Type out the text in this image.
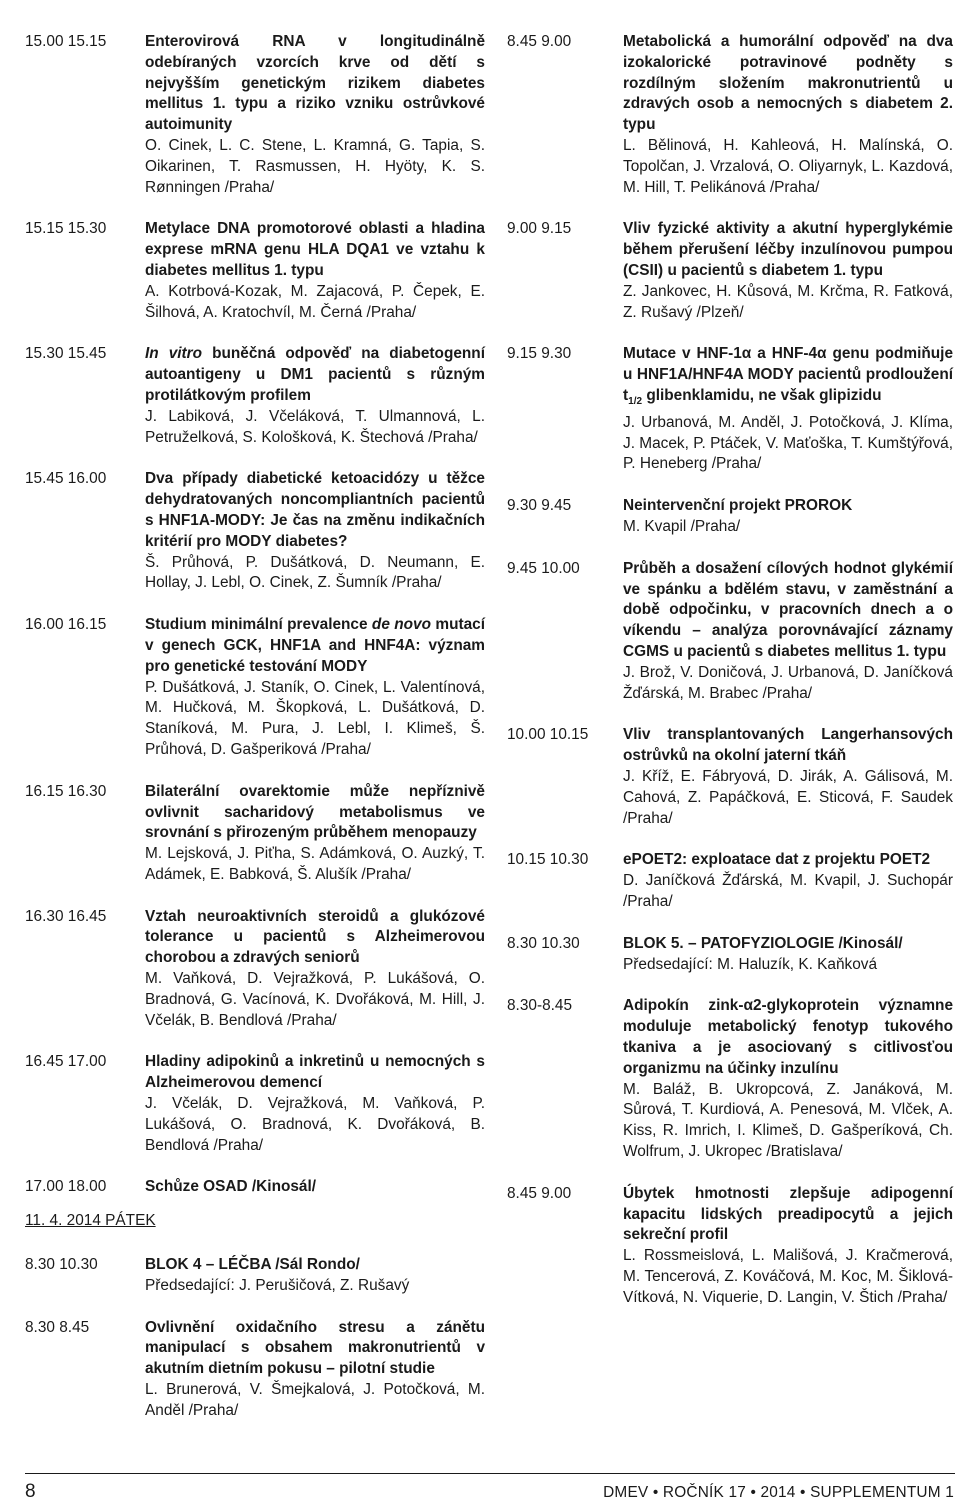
15.00 15.15	Enterovirová RNA v longitudinálně odebíraných vzorcích krve od dětí s nejvyšším genetickým rizikem diabetes mellitus 1. typu a riziko vzniku ostrůvkové autoimunity
O. Cinek, L. C. Stene, L. Kramná, G. Tapia, S. Oikarinen, T. Rasmussen, H. Hyöty, K. S. Rønningen /Praha/
15.15 15.30	Metylace DNA promotorové oblasti a hladina exprese mRNA genu HLA DQA1 ve vztahu k diabetes mellitus 1. typu
A. Kotrbová-Kozak, M. Zajacová, P. Čepek, E. Šilhová, A. Kratochvíl, M. Černá /Praha/
15.30 15.45	In vitro buněčná odpověď na diabetogenní autoantigeny u DM1 pacientů s různým protilátkovým profilem
J. Labiková, J. Včeláková, T. Ulmannová, L. Petruželková, S. Kološková, K. Štechová /Praha/
15.45 16.00	Dva případy diabetické ketoacidózy u těžce dehydratovaných noncompliantních pacientů s HNF1A-MODY: Je čas na změnu indikačních kritérií pro MODY diabetes?
Š. Průhová, P. Dušátková, D. Neumann, E. Hollay, J. Lebl, O. Cinek, Z. Šumník /Praha/
16.00 16.15	Studium minimální prevalence de novo mutací v genech GCK, HNF1A and HNF4A: význam pro genetické testování MODY
P. Dušátková, J. Staník, O. Cinek, L. Valentínová, M. Hučková, M. Škopková, L. Dušátková, D. Staníková, M. Pura, J. Lebl, I. Klimeš, Š. Průhová, D. Gašperiková /Praha/
16.15 16.30	Bilaterální ovarektomie může nepříznivě ovlivnit sacharidový metabolismus ve srovnání s přirozeným průběhem menopauzy
M. Lejsková, J. Piťha, S. Adámková, O. Auzký, T. Adámek, E. Babková, Š. Alušík /Praha/
16.30 16.45	Vztah neuroaktivních steroidů a glukózové tolerance u pacientů s Alzheimerovou chorobou a zdravých seniorů
M. Vaňková, D. Vejražková, P. Lukášová, O. Bradnová, G. Vacínová, K. Dvořáková, M. Hill, J. Včelák, B. Bendlová /Praha/
16.45 17.00	Hladiny adipokinů a inkretinů u nemocných s Alzheimerovou demencí
J. Včelák, D. Vejražková, M. Vaňková, P. Lukášová, O. Bradnová, K. Dvořáková, B. Bendlová /Praha/
17.00 18.00	Schůze OSAD /Kinosál/
11. 4. 2014 PÁTEK
8.30 10.30	BLOK 4 – LÉČBA /Sál Rondo/
Předsedající: J. Perušičová, Z. Rušavý
8.30 8.45	Ovlivnění oxidačního stresu a zánětu manipulací s obsahem makronutrientů v akutním dietním pokusu – pilotní studie
L. Brunerová, V. Šmejkalová, J. Potočková, M. Anděl /Praha/
8.45 9.00	Metabolická a humorální odpověď na dva izokalorické potravinové podněty s rozdílným složením makronutrientů u zdravých osob a nemocných s diabetem 2. typu
L. Bělinová, H. Kahleová, H. Malínská, O. Topolčan, J. Vrzalová, O. Oliyarnyk, L. Kazdová, M. Hill, T. Pelikánová /Praha/
9.00 9.15	Vliv fyzické aktivity a akutní hyperglykémie během přerušení léčby inzulínovou pumpou (CSII) u pacientů s diabetem 1. typu
Z. Jankovec, H. Kůsová, M. Krčma, R. Fatková, Z. Rušavý /Plzeň/
9.15 9.30	Mutace v HNF-1α a HNF-4α genu podmiňuje u HNF1A/HNF4A MODY pacientů prodloužení $t_{1/2}$ glibenklamidu, ne však glipizidu
J. Urbanová, M. Anděl, J. Potočková, J. Klíma, J. Macek, P. Ptáček, V. Maťoška, T. Kumštýřová, P. Heneberg /Praha/
9.30 9.45	Neintervenční projekt PROROK
M. Kvapil /Praha/
9.45 10.00	Průběh a dosažení cílových hodnot glykémií ve spánku a bdělém stavu, v zaměstnání a době odpočinku, v pracovních dnech a o víkendu – analýza porovnávající záznamy CGMS u pacientů s diabetes mellitus 1. typu
J. Brož, V. Doničová, J. Urbanová, D. Janíčková Žďárská, M. Brabec /Praha/
10.00 10.15	Vliv transplantovaných Langerhansových ostrůvků na okolní jaterní tkáň
J. Kříž, E. Fábryová, D. Jirák, A. Gálisová, M. Cahová, Z. Papáčková, E. Sticová, F. Saudek /Praha/
10.15 10.30	ePOET2: exploatace dat z projektu POET2
D. Janíčková Žďárská, M. Kvapil, J. Suchopár /Praha/
8.30 10.30	BLOK 5. – PATOFYZIOLOGIE /Kinosál/
Předsedající: M. Haluzík, K. Kaňková
8.30-8.45	Adipokín zink-α2-glykoprotein významne moduluje metabolický fenotyp tukového tkaniva a je asociovaný s citlivosťou organizmu na účinky inzulínu
M. Baláž, B. Ukropcová, Z. Janáková, M. Sůrová, T. Kurdiová, A. Penesová, M. Vlček, A. Kiss, R. Imrich, I. Klimeš, D. Gašperíková, Ch. Wolfrum, J. Ukropec /Bratislava/
8.45 9.00	Úbytek hmotnosti zlepšuje adipogenní kapacitu lidských preadipocytů a jejich sekreční profil
L. Rossmeislová, L. Mališová, J. Kračmerová, M. Tencerová, Z. Kováčová, M. Koc, M. Šiklová-Vítková, N. Viquerie, D. Langin, V. Štich /Praha/
8	DMEV • ROČNÍK 17 • 2014 • SUPPLEMENTUM 1
